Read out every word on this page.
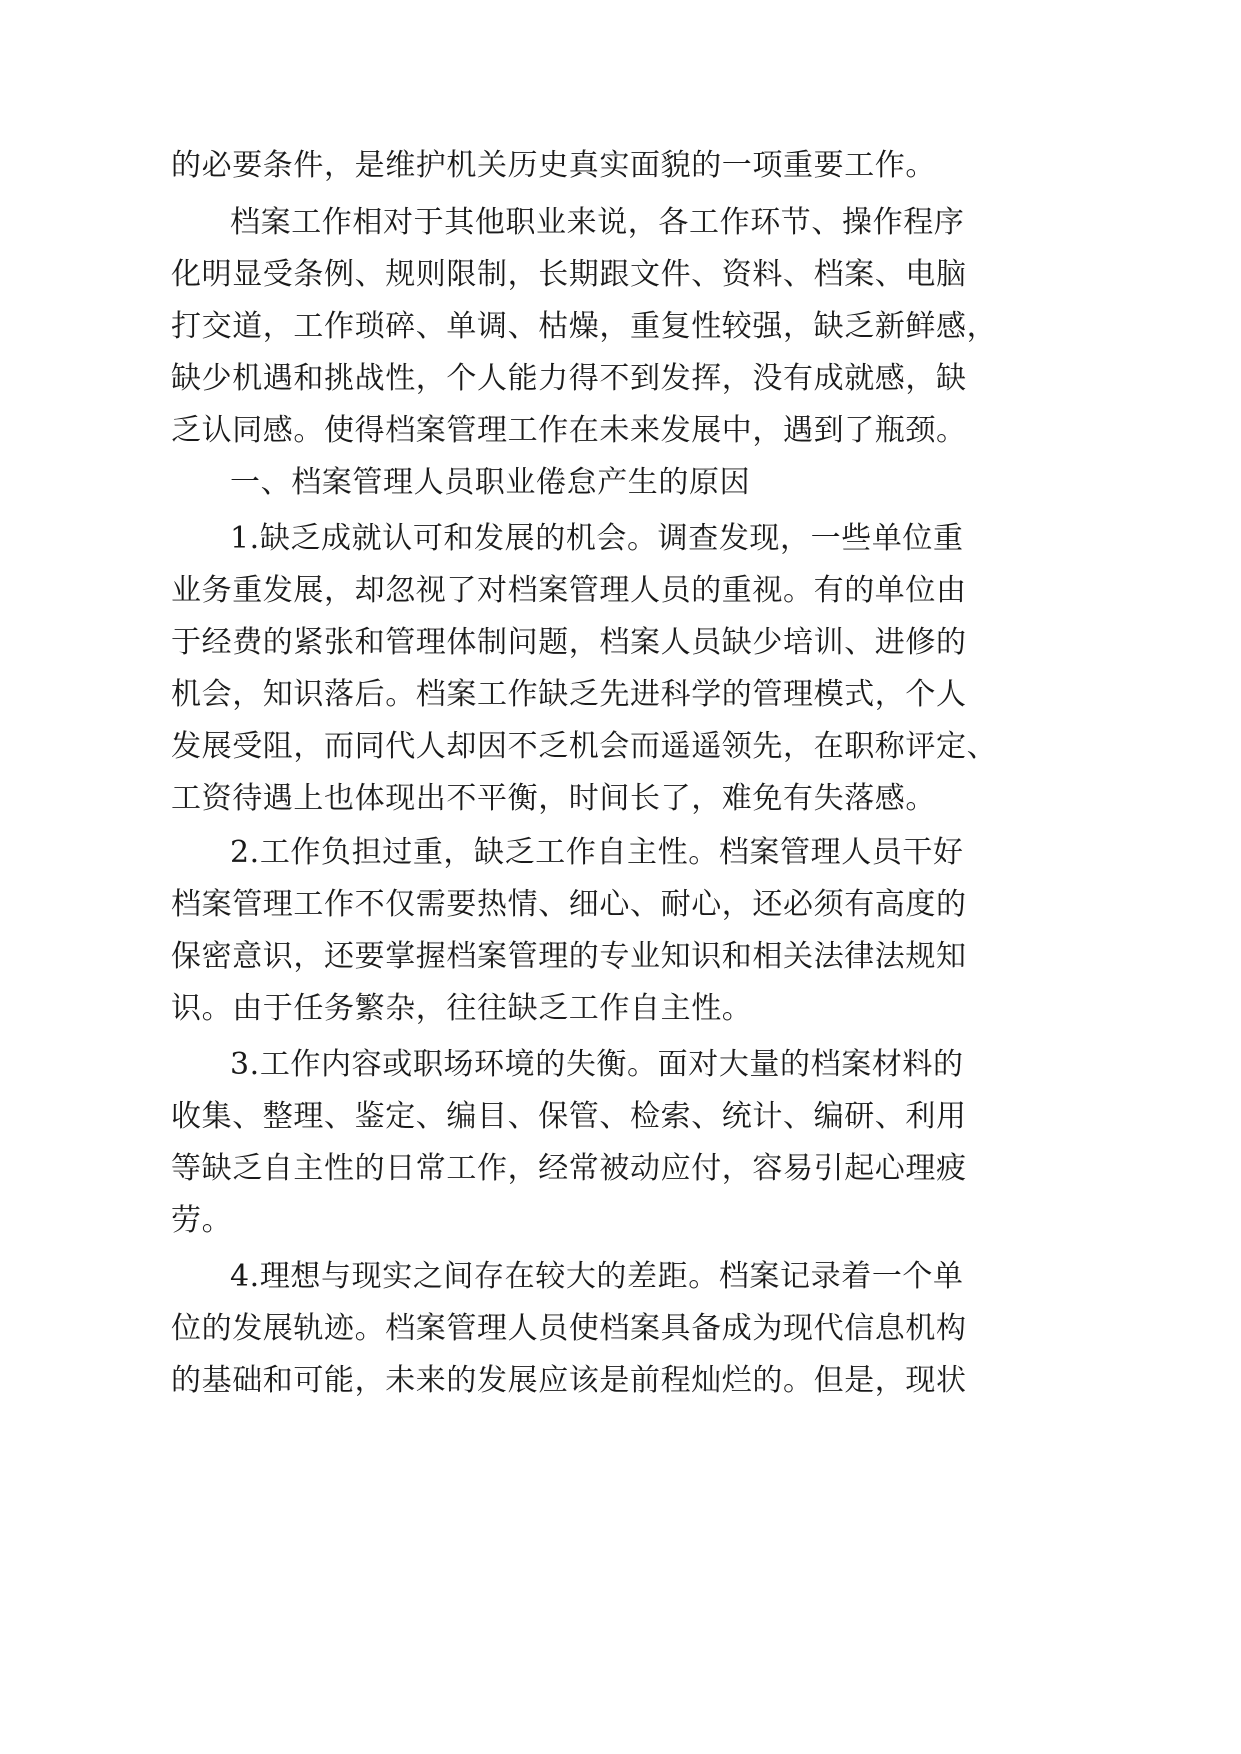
的必要条件，是维护机关历史真实面貌的一项重要工作。
档案工作相对于其他职业来说，各工作环节、操作程序
化明显受条例、规则限制，长期跟文件、资料、档案、电脑
打交道，工作琐碎、单调、枯燥，重复性较强，缺乏新鲜感，
缺少机遇和挑战性，个人能力得不到发挥，没有成就感，缺
乏认同感。使得档案管理工作在未来发展中，遇到了瓶颈。
一、档案管理人员职业倦怠产生的原因
1.缺乏成就认可和发展的机会。调查发现，一些单位重
业务重发展，却忽视了对档案管理人员的重视。有的单位由
于经费的紧张和管理体制问题，档案人员缺少培训、进修的
机会，知识落后。档案工作缺乏先进科学的管理模式，个人
发展受阻，而同代人却因不乏机会而遥遥领先，在职称评定、
工资待遇上也体现出不平衡，时间长了，难免有失落感。
2.工作负担过重，缺乏工作自主性。档案管理人员干好
档案管理工作不仅需要热情、细心、耐心，还必须有高度的
保密意识，还要掌握档案管理的专业知识和相关法律法规知
识。由于任务繁杂，往往缺乏工作自主性。
3.工作内容或职场环境的失衡。面对大量的档案材料的
收集、整理、鉴定、编目、保管、检索、统计、编研、利用
等缺乏自主性的日常工作，经常被动应付，容易引起心理疲
劳。
4.理想与现实之间存在较大的差距。档案记录着一个单
位的发展轨迹。档案管理人员使档案具备成为现代信息机构
的基础和可能，未来的发展应该是前程灿烂的。但是，现状
